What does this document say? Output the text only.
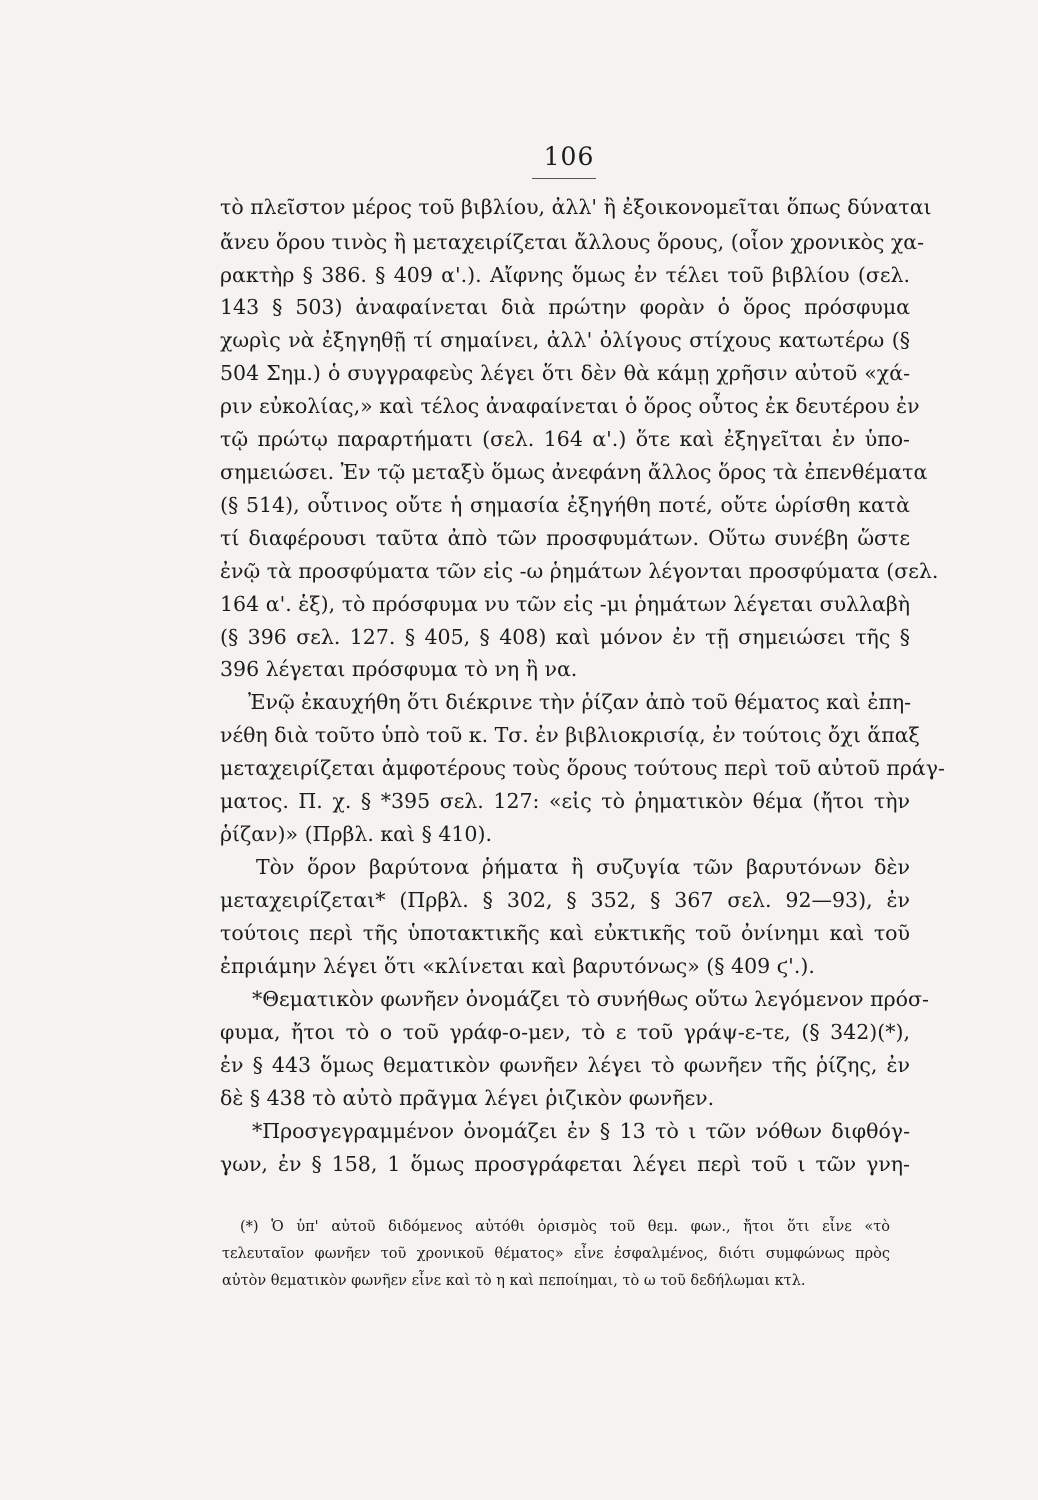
106
τὸ πλεῖστον μέρος τοῦ βιβλίου, ἀλλ' ἢ ἐξοικονομεῖται ὅπως δύναται
ἄνευ ὅρου τινὸς ἢ μεταχειρίζεται ἄλλους ὅρους, (οἷον χρονικὸς χα-
ρακτὴρ § 386. § 409 α'.). Αἴφνης ὅμως ἐν τέλει τοῦ βιβλίου (σελ.
143 § 503) ἀναφαίνεται διὰ πρώτην φορὰν ὁ ὅρος πρόσφυμα
χωρὶς νὰ ἐξηγηθῇ τί σημαίνει, ἀλλ' ὀλίγους στίχους κατωτέρω (§
504 Σημ.) ὁ συγγραφεὺς λέγει ὅτι δὲν θὰ κάμῃ χρῆσιν αὐτοῦ «χά-
ριν εὐκολίας,» καὶ τέλος ἀναφαίνεται ὁ ὅρος οὗτος ἐκ δευτέρου ἐν
τῷ πρώτῳ παραρτήματι (σελ. 164 α'.) ὅτε καὶ ἐξηγεῖται ἐν ὑπο-
σημειώσει. Ἐν τῷ μεταξὺ ὅμως ἀνεφάνη ἄλλος ὅρος τὰ ἐπενθέματα
(§ 514), οὗτινος οὔτε ἡ σημασία ἐξηγήθη ποτέ, οὔτε ὡρίσθη κατὰ
τί διαφέρουσι ταῦτα ἀπὸ τῶν προσφυμάτων. Οὕτω συνέβη ὥστε
ἐνῷ τὰ προσφύματα τῶν εἰς -ω ῥημάτων λέγονται προσφύματα (σελ.
164 α'. ἑξ), τὸ πρόσφυμα νυ τῶν εἰς -μι ῥημάτων λέγεται συλλαβὴ
(§ 396 σελ. 127. § 405, § 408) καὶ μόνον ἐν τῇ σημειώσει τῆς §
396 λέγεται πρόσφυμα τὸ νη ἢ να.
Ἐνῷ ἐκαυχήθη ὅτι διέκρινε τὴν ῥίζαν ἀπὸ τοῦ θέματος καὶ ἐπη-
νέθη διὰ τοῦτο ὑπὸ τοῦ κ. Τσ. ἐν βιβλιοκρισίᾳ, ἐν τούτοις ὄχι ἅπαξ
μεταχειρίζεται ἀμφοτέρους τοὺς ὅρους τούτους περὶ τοῦ αὐτοῦ πράγ-
ματος. Π. χ. § *395 σελ. 127: «εἰς τὸ ῥηματικὸν θέμα (ἤτοι τὴν
ῥίζαν)» (Πρβλ. καὶ § 410).
Τὸν ὅρον βαρύτονα ῥήματα ἢ συζυγία τῶν βαρυτόνων δὲν
μεταχειρίζεται* (Πρβλ. § 302, § 352, § 367 σελ. 92—93), ἐν
τούτοις περὶ τῆς ὑποτακτικῆς καὶ εὐκτικῆς τοῦ ὀνίνημι καὶ τοῦ
ἐπριάμην λέγει ὅτι «κλίνεται καὶ βαρυτόνως» (§ 409 ϛ'.).
*Θεματικὸν φωνῆεν ὀνομάζει τὸ συνήθως οὕτω λεγόμενον πρόσ-
φυμα, ἤτοι τὸ ο τοῦ γράφ-ο-μεν, τὸ ε τοῦ γράψ-ε-τε, (§ 342)(*),
ἐν § 443 ὅμως θεματικὸν φωνῆεν λέγει τὸ φωνῆεν τῆς ῥίζης, ἐν
δὲ § 438 τὸ αὐτὸ πρᾶγμα λέγει ῥιζικὸν φωνῆεν.
*Προσγεγραμμένον ὀνομάζει ἐν § 13 τὸ ι τῶν νόθων διφθόγ-
γων, ἐν § 158, 1 ὅμως προσγράφεται λέγει περὶ τοῦ ι τῶν γνη-
(*) Ὁ ὑπ' αὐτοῦ διδόμενος αὐτόθι ὁρισμὸς τοῦ θεμ. φων., ἤτοι ὅτι εἶνε «τὸ
τελευταῖον φωνῆεν τοῦ χρονικοῦ θέματος» εἶνε ἐσφαλμένος, διότι συμφώνως πρὸς
αὐτὸν θεματικὸν φωνῆεν εἶνε καὶ τὸ η καὶ πεποίημαι, τὸ ω τοῦ δεδήλωμαι κτλ.
